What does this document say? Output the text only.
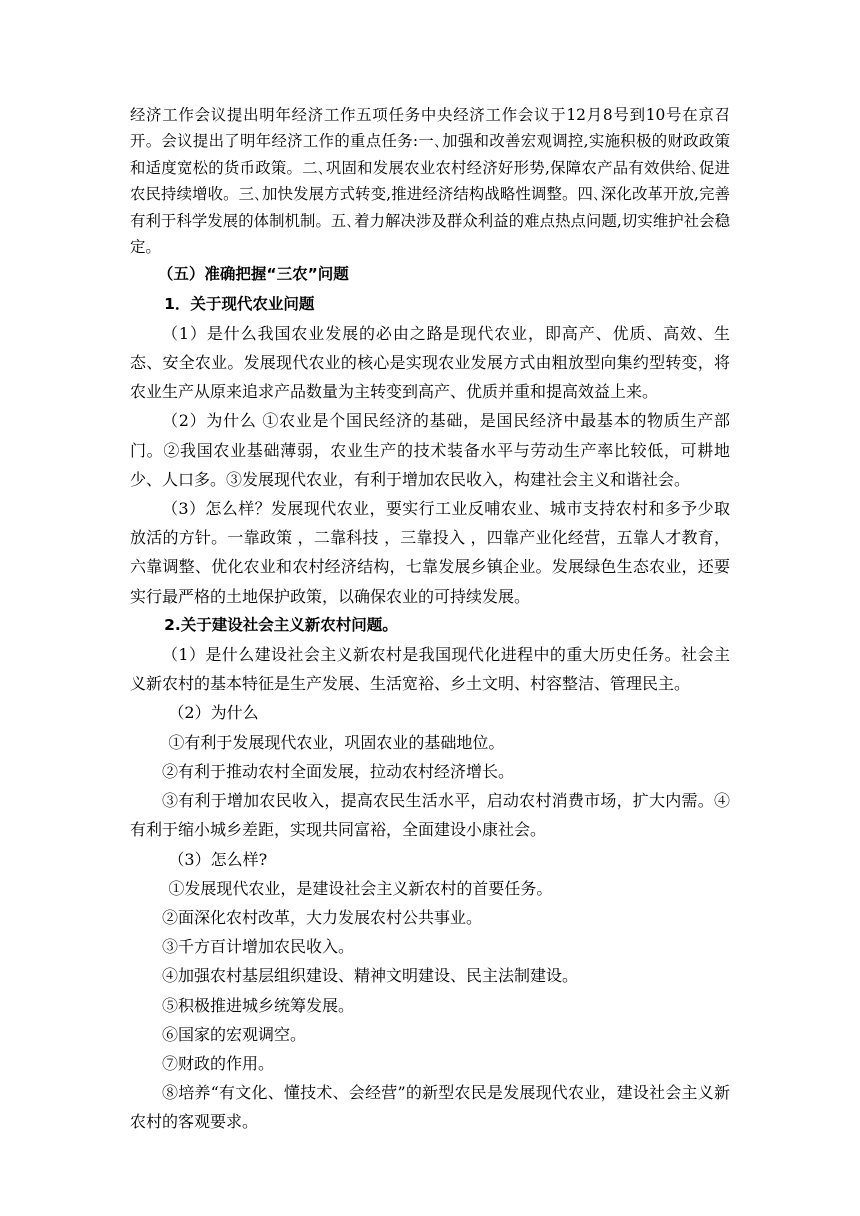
经济工作会议提出明年经济工作五项任务中央经济工作会议于12月8号到10号在京召开。会议提出了明年经济工作的重点任务:一､加强和改善宏观调控,实施积极的财政政策和适度宽松的货币政策。二､巩固和发展农业农村经济好形势,保障农产品有效供给､促进农民持续增收。三､加快发展方式转变,推进经济结构战略性调整。四､深化改革开放,完善有利于科学发展的体制机制。五､着力解决涉及群众利益的难点热点问题,切实维护社会稳定。

（五）准确把握“三农”问题

1．关于现代农业问题

（1）是什么我国农业发展的必由之路是现代农业，即高产、优质、高效、生态、安全农业。发展现代农业的核心是实现农业发展方式由粗放型向集约型转变，将农业生产从原来追求产品数量为主转变到高产、优质并重和提高效益上来。

（2）为什么 ①农业是个国民经济的基础，是国民经济中最基本的物质生产部门。②我国农业基础薄弱，农业生产的技术装备水平与劳动生产率比较低，可耕地少、人口多。③发展现代农业，有利于增加农民收入，构建社会主义和谐社会。

（3）怎么样？发展现代农业，要实行工业反哺农业、城市支持农村和多予少取放活的方针。一靠政策 ，二靠科技 ，三靠投入 ，四靠产业化经营，五靠人才教育，六靠调整、优化农业和农村经济结构，七靠发展乡镇企业。发展绿色生态农业，还要实行最严格的土地保护政策，以确保农业的可持续发展。

2.关于建设社会主义新农村问题。

（1）是什么建设社会主义新农村是我国现代化进程中的重大历史任务。社会主义新农村的基本特征是生产发展、生活宽裕、乡土文明、村容整洁、管理民主。

（2）为什么

①有利于发展现代农业，巩固农业的基础地位。

②有利于推动农村全面发展，拉动农村经济增长。

③有利于增加农民收入，提高农民生活水平，启动农村消费市场，扩大内需。④有利于缩小城乡差距，实现共同富裕，全面建设小康社会。

（3）怎么样?

①发展现代农业，是建设社会主义新农村的首要任务。

②面深化农村改革，大力发展农村公共事业。

③千方百计增加农民收入。

④加强农村基层组织建设、精神文明建设、民主法制建设。

⑤积极推进城乡统筹发展。

⑥国家的宏观调空。

⑦财政的作用。

⑧培养“有文化、懂技术、会经营”的新型农民是发展现代农业，建设社会主义新农村的客观要求。
